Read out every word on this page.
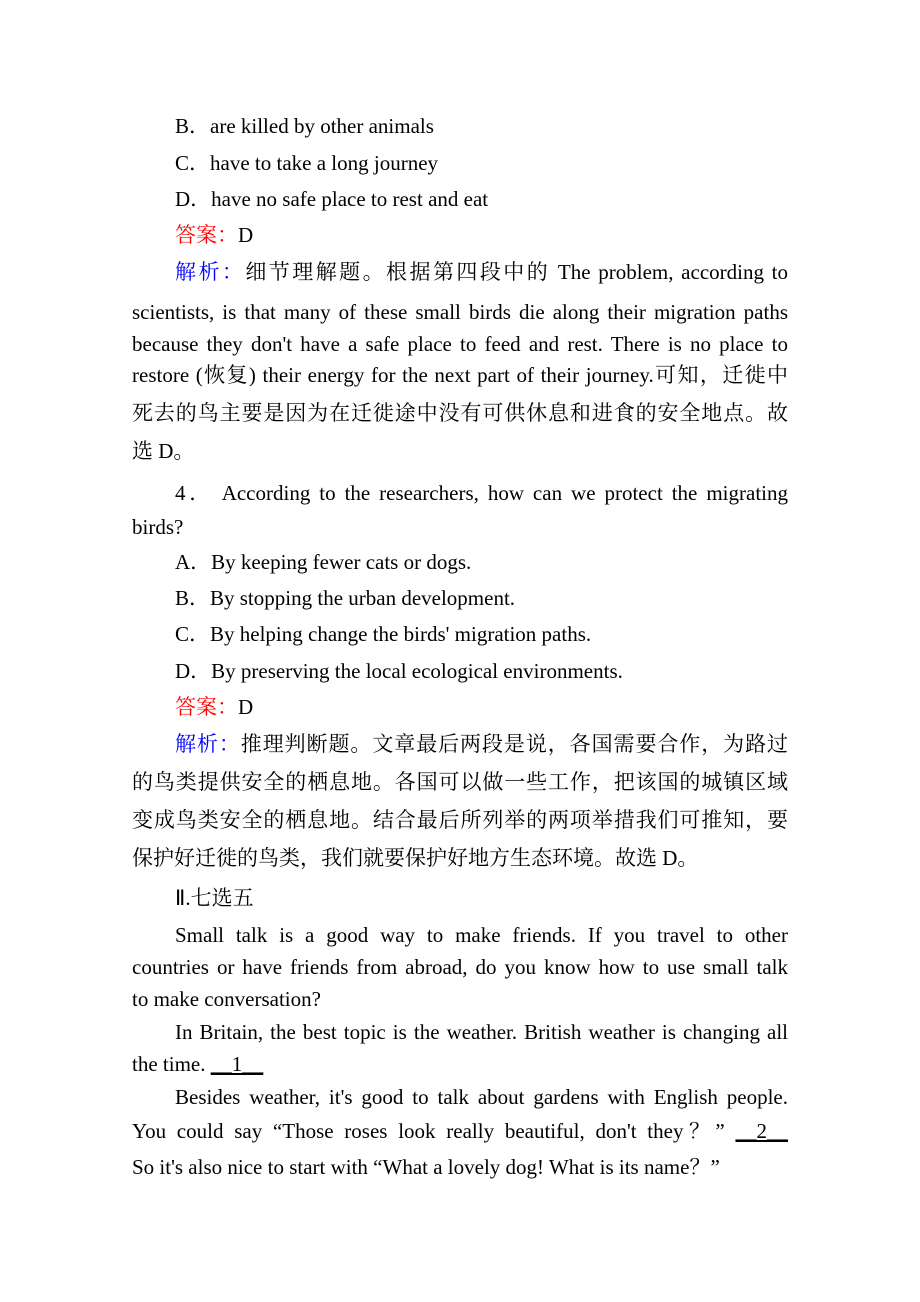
B．are killed by other animals
C．have to take a long journey
D．have no safe place to rest and eat
答案：D
解析：细节理解题。根据第四段中的 The problem, according to
scientists, is that many of these small birds die along their migration paths
because they don't have a safe place to feed and rest. There is no place to
restore (恢复) their energy for the next part of their journey.可知，迁徙中
死去的鸟主要是因为在迁徙途中没有可供休息和进食的安全地点。故
选 D。
4． According to the researchers, how can we protect the migrating
birds?
A．By keeping fewer cats or dogs.
B．By stopping the urban development.
C．By helping change the birds' migration paths.
D．By preserving the local ecological environments.
答案：D
解析：推理判断题。文章最后两段是说，各国需要合作，为路过
的鸟类提供安全的栖息地。各国可以做一些工作，把该国的城镇区域
变成鸟类安全的栖息地。结合最后所列举的两项举措我们可推知，要
保护好迁徙的鸟类，我们就要保护好地方生态环境。故选 D。
Ⅱ.七选五
Small talk is a good way to make friends. If you travel to other
countries or have friends from abroad, do you know how to use small talk
to make conversation?
In Britain, the best topic is the weather. British weather is changing all
the time. __1__
Besides weather, it's good to talk about gardens with English people.
You could say “Those roses look really beautiful, don't they？” __2__
So it's also nice to start with “What a lovely dog! What is its name？”
